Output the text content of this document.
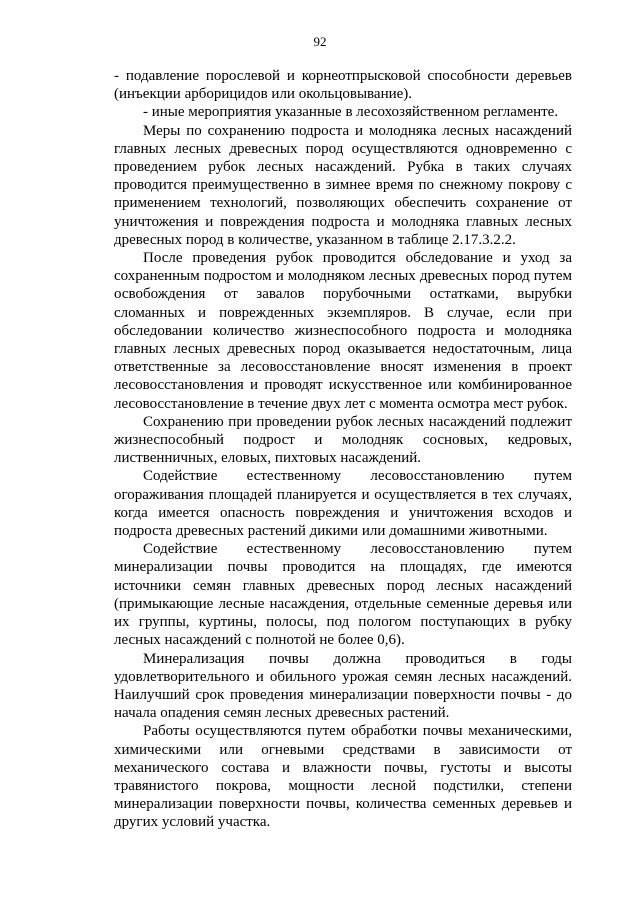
92

- подавление порослевой и корнеотпрысковой способности деревьев (инъекции арборицидов или окольцовывание).

- иные мероприятия указанные в лесохозяйственном регламенте.

Меры по сохранению подроста и молодняка лесных насаждений главных лесных древесных пород осуществляются одновременно с проведением рубок лесных насаждений. Рубка в таких случаях проводится преимущественно в зимнее время по снежному покрову с применением технологий, позволяющих обеспечить сохранение от уничтожения и повреждения подроста и молодняка главных лесных древесных пород в количестве, указанном в таблице 2.17.3.2.2.

После проведения рубок проводится обследование и уход за сохраненным подростом и молодняком лесных древесных пород путем освобождения от завалов порубочными остатками, вырубки сломанных и поврежденных экземпляров. В случае, если при обследовании количество жизнеспособного подроста и молодняка главных лесных древесных пород оказывается недостаточным, лица ответственные за лесовосстановление вносят изменения в проект лесовосстановления и проводят искусственное или комбинированное лесовосстановление в течение двух лет с момента осмотра мест рубок.

Сохранению при проведении рубок лесных насаждений подлежит жизнеспособный подрост и молодняк сосновых, кедровых, лиственничных, еловых, пихтовых насаждений.

Содействие естественному лесовосстановлению путем огораживания площадей планируется и осуществляется в тех случаях, когда имеется опасность повреждения и уничтожения всходов и подроста древесных растений дикими или домашними животными.

Содействие естественному лесовосстановлению путем минерализации почвы проводится на площадях, где имеются источники семян главных древесных пород лесных насаждений (примыкающие лесные насаждения, отдельные семенные деревья или их группы, куртины, полосы, под пологом поступающих в рубку лесных насаждений с полнотой не более 0,6).

Минерализация почвы должна проводиться в годы удовлетворительного и обильного урожая семян лесных насаждений. Наилучший срок проведения минерализации поверхности почвы - до начала опадения семян лесных древесных растений.

Работы осуществляются путем обработки почвы механическими, химическими или огневыми средствами в зависимости от механического состава и влажности почвы, густоты и высоты травянистого покрова, мощности лесной подстилки, степени минерализации поверхности почвы, количества семенных деревьев и других условий участка.
